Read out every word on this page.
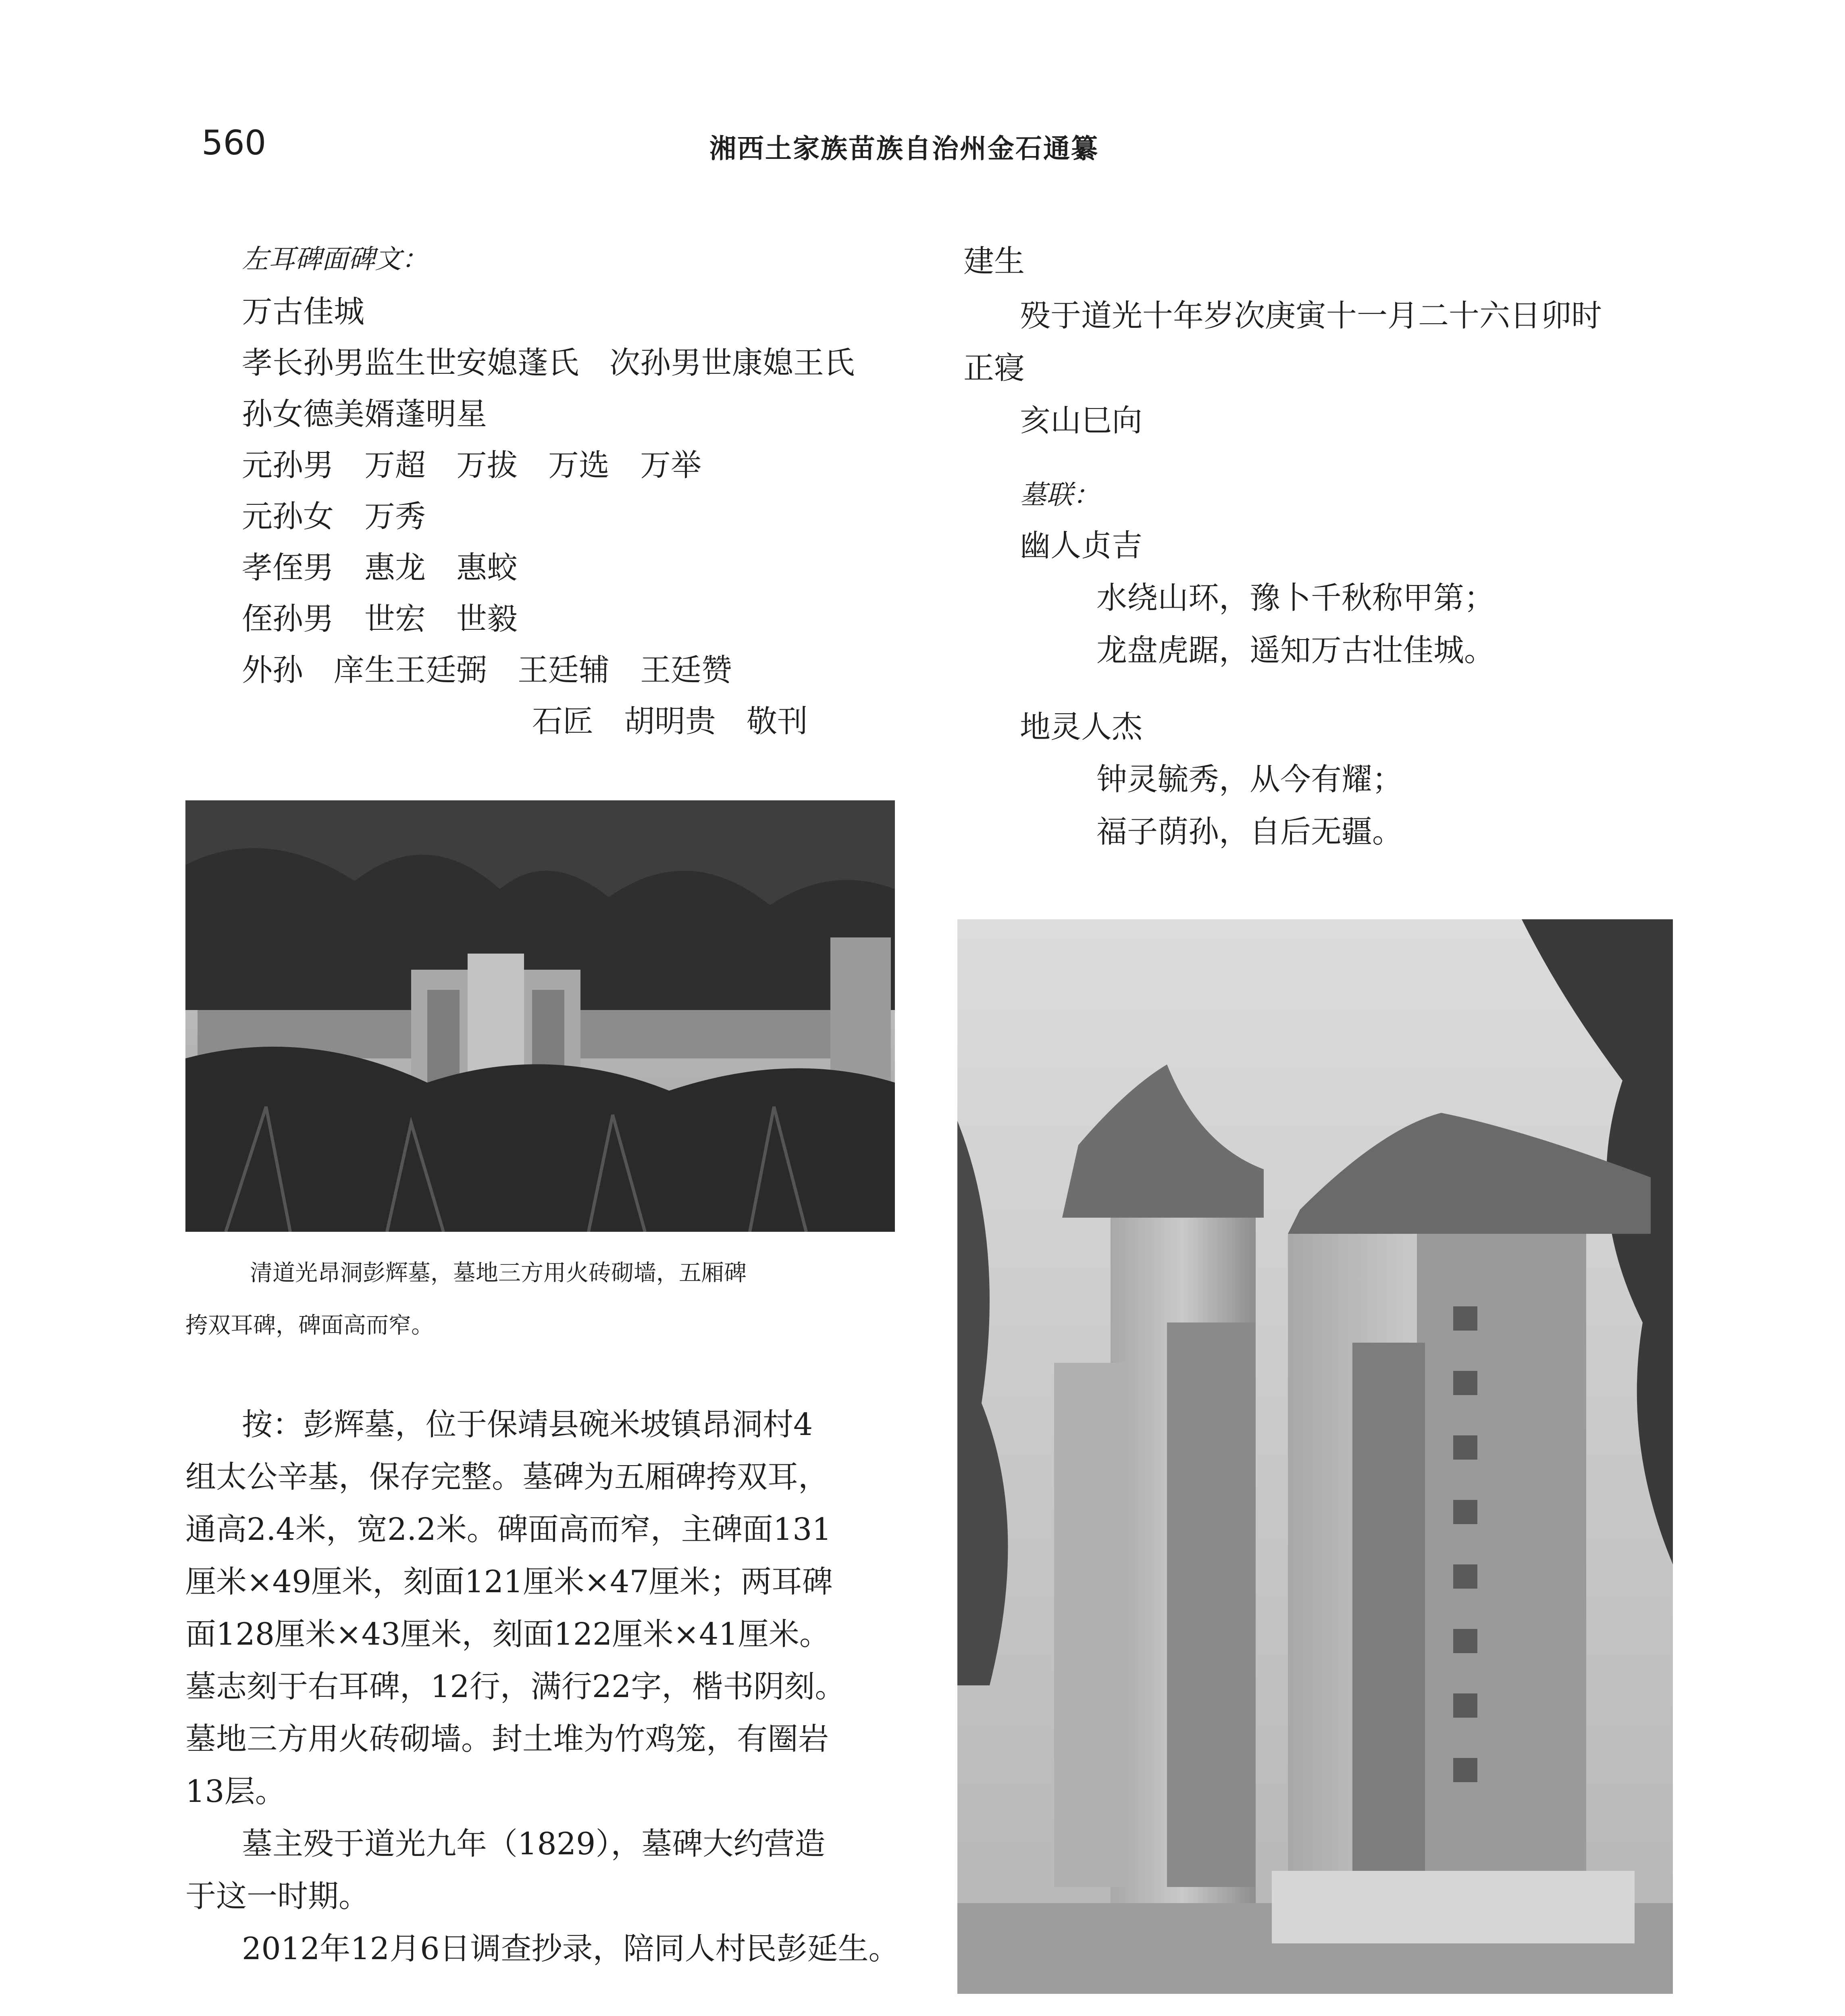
560	湘西土家族苗族自治州金石通纂
左耳碑面碑文：
万古佳城
孝长孙男监生世安媳蓬氏　次孙男世康媳王氏
孙女德美婿蓬明星
元孙男　万超　万拔　万选　万举
元孙女　万秀
孝侄男　惠龙　惠蛟
侄孙男　世宏　世毅
外孙　庠生王廷弼　王廷辅　王廷赞
石匠　胡明贵　敬刊
清道光昂洞彭辉墓，墓地三方用火砖砌墙，五厢碑
挎双耳碑，碑面高而窄。
按：彭辉墓，位于保靖县碗米坡镇昂洞村4
组太公辛基，保存完整。墓碑为五厢碑挎双耳，
通高2.4米，宽2.2米。碑面高而窄，主碑面131
厘米×49厘米，刻面121厘米×47厘米；两耳碑
面128厘米×43厘米，刻面122厘米×41厘米。
墓志刻于右耳碑，12行，满行22字，楷书阴刻。
墓地三方用火砖砌墙。封土堆为竹鸡笼，有圈岩
13层。
墓主殁于道光九年（1829），墓碑大约营造
于这一时期。
2012年12月6日调查抄录，陪同人村民彭延生。
建生
殁于道光十年岁次庚寅十一月二十六日卯时
正寝
亥山巳向
墓联：
幽人贞吉
水绕山环，豫卜千秋称甲第；
龙盘虎踞，遥知万古壮佳城。
地灵人杰
钟灵毓秀，从今有耀；
福子荫孙，自后无疆。
